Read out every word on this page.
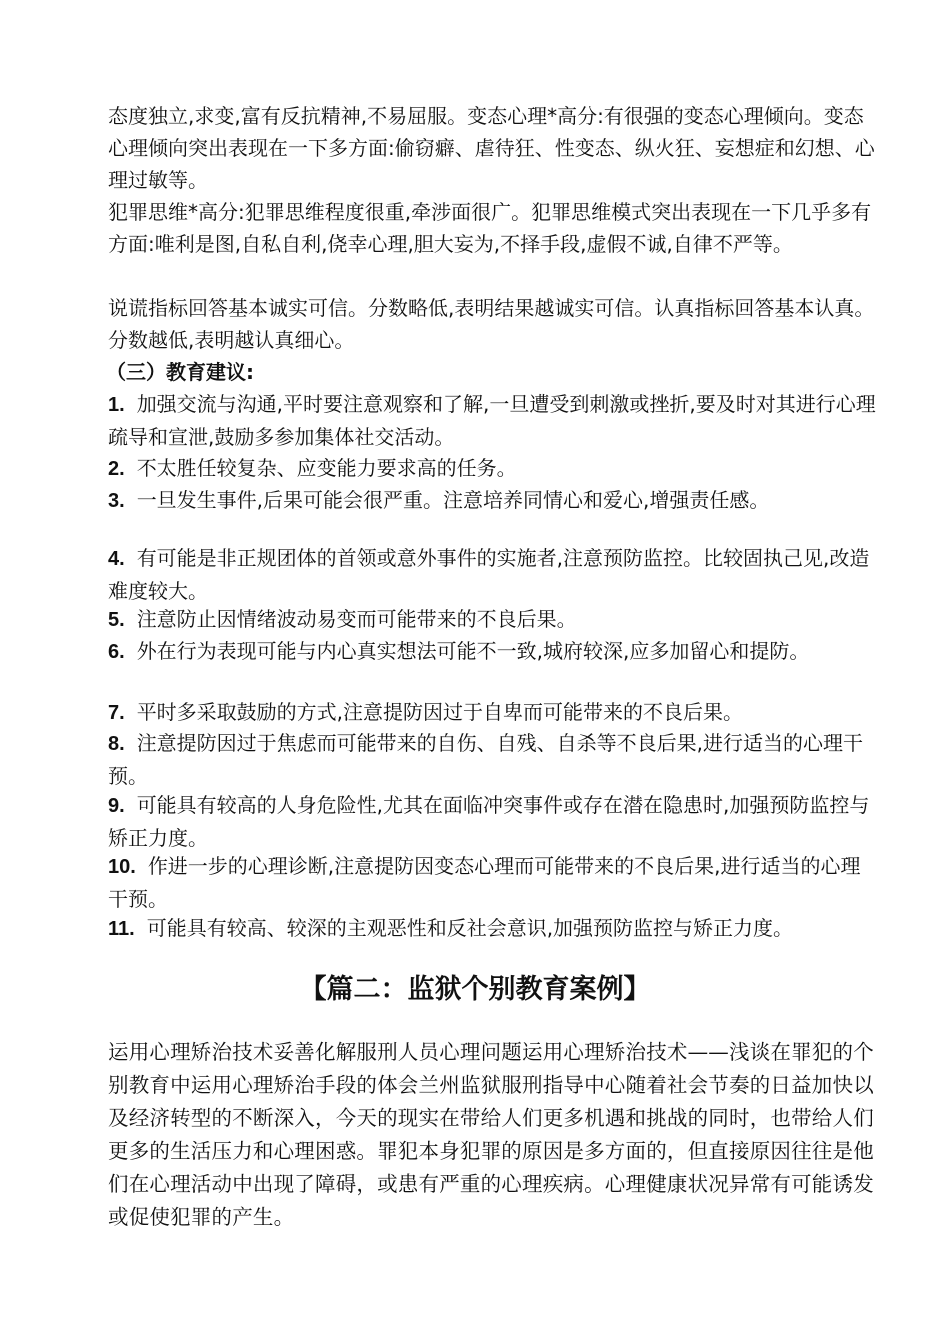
态度独立,求变,富有反抗精神,不易屈服。变态心理*高分:有很强的变态心理倾向。变态心理倾向突出表现在一下多方面:偷窃癖、虐待狂、性变态、纵火狂、妄想症和幻想、心理过敏等。

犯罪思维*高分:犯罪思维程度很重,牵涉面很广。犯罪思维模式突出表现在一下几乎多有方面:唯利是图,自私自利,侥幸心理,胆大妄为,不择手段,虚假不诚,自律不严等。

说谎指标回答基本诚实可信。分数略低,表明结果越诚实可信。认真指标回答基本认真。分数越低,表明越认真细心。

（三）教育建议:

1. 加强交流与沟通,平时要注意观察和了解,一旦遭受到刺激或挫折,要及时对其进行心理疏导和宣泄,鼓励多参加集体社交活动。

2. 不太胜任较复杂、应变能力要求高的任务。

3. 一旦发生事件,后果可能会很严重。注意培养同情心和爱心,增强责任感。

4. 有可能是非正规团体的首领或意外事件的实施者,注意预防监控。比较固执己见,改造难度较大。

5. 注意防止因情绪波动易变而可能带来的不良后果。

6. 外在行为表现可能与内心真实想法可能不一致,城府较深,应多加留心和提防。

7. 平时多采取鼓励的方式,注意提防因过于自卑而可能带来的不良后果。

8. 注意提防因过于焦虑而可能带来的自伤、自残、自杀等不良后果,进行适当的心理干预。

9. 可能具有较高的人身危险性,尤其在面临冲突事件或存在潜在隐患时,加强预防监控与矫正力度。

10. 作进一步的心理诊断,注意提防因变态心理而可能带来的不良后果,进行适当的心理干预。

11. 可能具有较高、较深的主观恶性和反社会意识,加强预防监控与矫正力度。

【篇二：监狱个别教育案例】

运用心理矫治技术妥善化解服刑人员心理问题运用心理矫治技术——浅谈在罪犯的个别教育中运用心理矫治手段的体会兰州监狱服刑指导中心随着社会节奏的日益加快以及经济转型的不断深入，今天的现实在带给人们更多机遇和挑战的同时，也带给人们更多的生活压力和心理困惑。罪犯本身犯罪的原因是多方面的，但直接原因往往是他们在心理活动中出现了障碍，或患有严重的心理疾病。心理健康状况异常有可能诱发或促使犯罪的产生。
